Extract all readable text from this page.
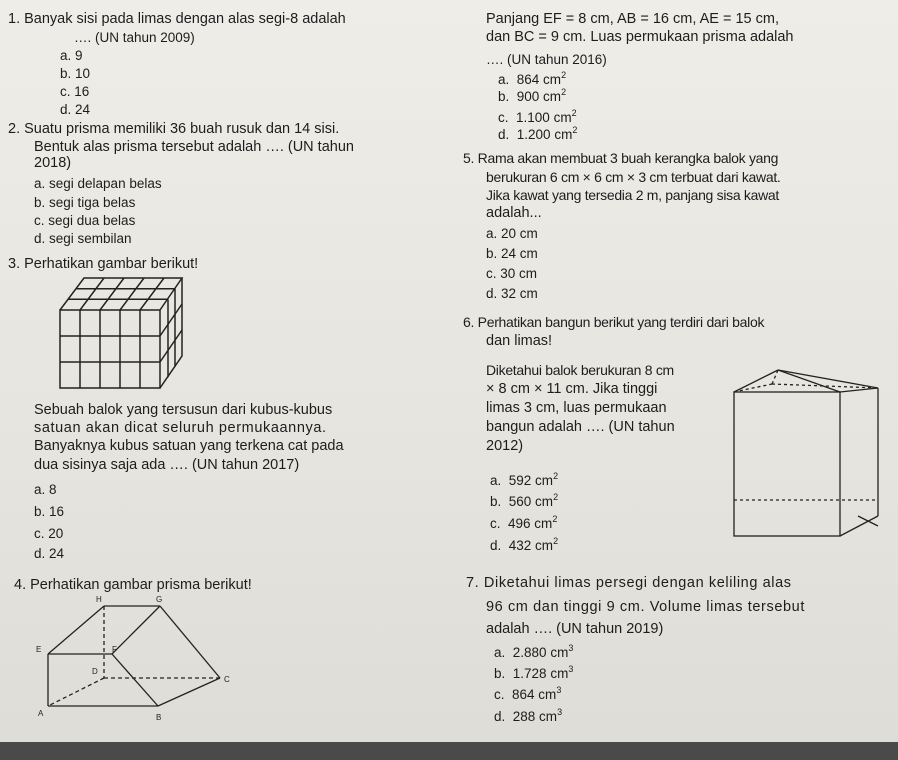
1. Banyak sisi pada limas dengan alas segi-8 adalah
…. (UN tahun 2009)
a. 9
b. 10
c. 16
d. 24
2. Suatu prisma memiliki 36 buah rusuk dan 14 sisi.
Bentuk alas prisma tersebut adalah …. (UN tahun
2018)
a. segi delapan belas
b. segi tiga belas
c. segi dua belas
d. segi sembilan
3. Perhatikan gambar berikut!
Sebuah balok yang tersusun dari kubus-kubus
satuan akan dicat seluruh permukaannya.
Banyaknya kubus satuan yang terkena cat pada
dua sisinya saja ada …. (UN tahun 2017)
a. 8
b. 16
c. 20
d. 24
4. Perhatikan gambar prisma berikut!
H	G
E	F
D
C
A	B
Panjang EF = 8 cm, AB = 16 cm, AE = 15 cm,
dan BC = 9 cm. Luas permukaan prisma adalah
…. (UN tahun 2016)
a. 864 $cm^2$
b. 900 $cm^2$
c. 1.100 $cm^2$
d. 1.200 $cm^2$
5. Rama akan membuat 3 buah kerangka balok yang
berukuran 6 cm × 6 cm × 3 cm terbuat dari kawat.
Jika kawat yang tersedia 2 m, panjang sisa kawat
adalah...
a. 20 cm
b. 24 cm
c. 30 cm
d. 32 cm
6. Perhatikan bangun berikut yang terdiri dari balok
dan limas!
Diketahui balok berukuran 8 cm
× 8 cm × 11 cm. Jika tinggi
limas 3 cm, luas permukaan
bangun adalah …. (UN tahun
2012)
a. 592 $cm^2$
b. 560 $cm^2$
c. 496 $cm^2$
d. 432 $cm^2$
7. Diketahui limas persegi dengan keliling alas
96 cm dan tinggi 9 cm. Volume limas tersebut
adalah …. (UN tahun 2019)
a. 2.880 $cm^3$
b. 1.728 $cm^3$
c. 864 $cm^3$
d. 288 $cm^3$
